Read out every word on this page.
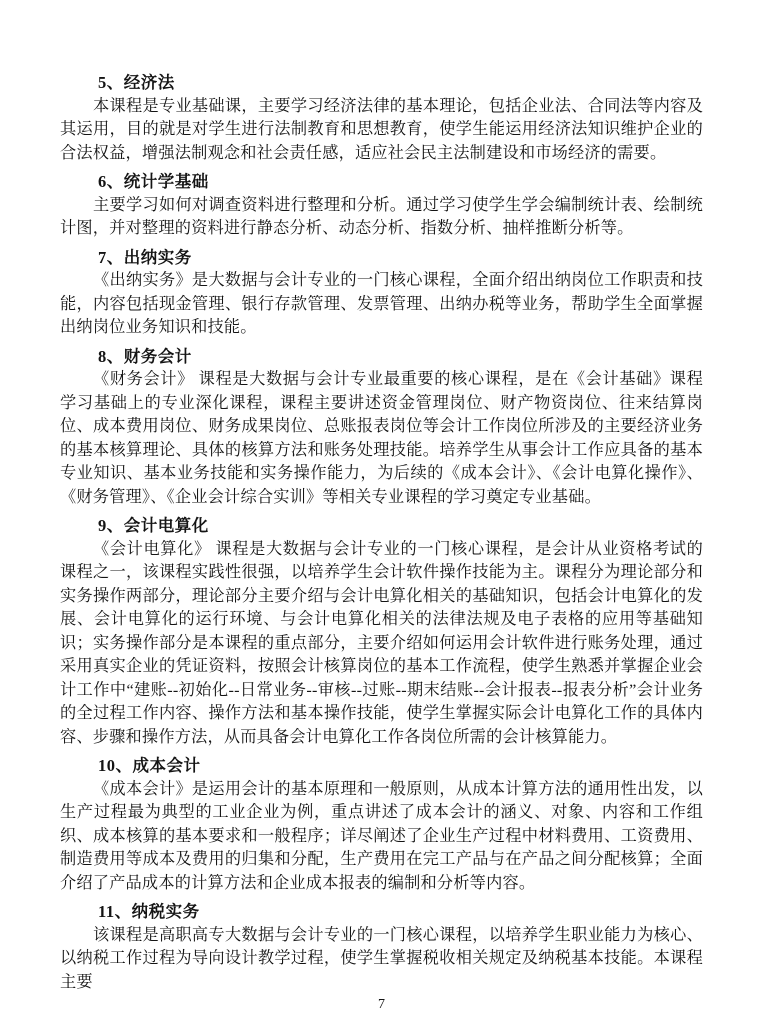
5、经济法

本课程是专业基础课，主要学习经济法律的基本理论，包括企业法、合同法等内容及其运用，目的就是对学生进行法制教育和思想教育，使学生能运用经济法知识维护企业的合法权益，增强法制观念和社会责任感，适应社会民主法制建设和市场经济的需要。

6、统计学基础

主要学习如何对调查资料进行整理和分析。通过学习使学生学会编制统计表、绘制统计图，并对整理的资料进行静态分析、动态分析、指数分析、抽样推断分析等。

7、出纳实务

《出纳实务》是大数据与会计专业的一门核心课程，全面介绍出纳岗位工作职责和技能，内容包括现金管理、银行存款管理、发票管理、出纳办税等业务，帮助学生全面掌握出纳岗位业务知识和技能。

8、财务会计

《财务会计》 课程是大数据与会计专业最重要的核心课程，是在《会计基础》课程学习基础上的专业深化课程，课程主要讲述资金管理岗位、财产物资岗位、往来结算岗位、成本费用岗位、财务成果岗位、总账报表岗位等会计工作岗位所涉及的主要经济业务的基本核算理论、具体的核算方法和账务处理技能。培养学生从事会计工作应具备的基本专业知识、基本业务技能和实务操作能力，为后续的《成本会计》、《会计电算化操作》、《财务管理》、《企业会计综合实训》等相关专业课程的学习奠定专业基础。

9、会计电算化

《会计电算化》 课程是大数据与会计专业的一门核心课程，是会计从业资格考试的课程之一，该课程实践性很强，以培养学生会计软件操作技能为主。课程分为理论部分和实务操作两部分，理论部分主要介绍与会计电算化相关的基础知识，包括会计电算化的发展、会计电算化的运行环境、与会计电算化相关的法律法规及电子表格的应用等基础知识；实务操作部分是本课程的重点部分，主要介绍如何运用会计软件进行账务处理，通过采用真实企业的凭证资料，按照会计核算岗位的基本工作流程，使学生熟悉并掌握企业会计工作中“建账--初始化--日常业务--审核--过账--期末结账--会计报表--报表分析”会计业务的全过程工作内容、操作方法和基本操作技能，使学生掌握实际会计电算化工作的具体内容、步骤和操作方法，从而具备会计电算化工作各岗位所需的会计核算能力。

10、成本会计

《成本会计》是运用会计的基本原理和一般原则，从成本计算方法的通用性出发，以生产过程最为典型的工业企业为例，重点讲述了成本会计的涵义、对象、内容和工作组织、成本核算的基本要求和一般程序；详尽阐述了企业生产过程中材料费用、工资费用、制造费用等成本及费用的归集和分配，生产费用在完工产品与在产品之间分配核算；全面介绍了产品成本的计算方法和企业成本报表的编制和分析等内容。

11、纳税实务

该课程是高职高专大数据与会计专业的一门核心课程，以培养学生职业能力为核心、以纳税工作过程为导向设计教学过程，使学生掌握税收相关规定及纳税基本技能。本课程主要

7
